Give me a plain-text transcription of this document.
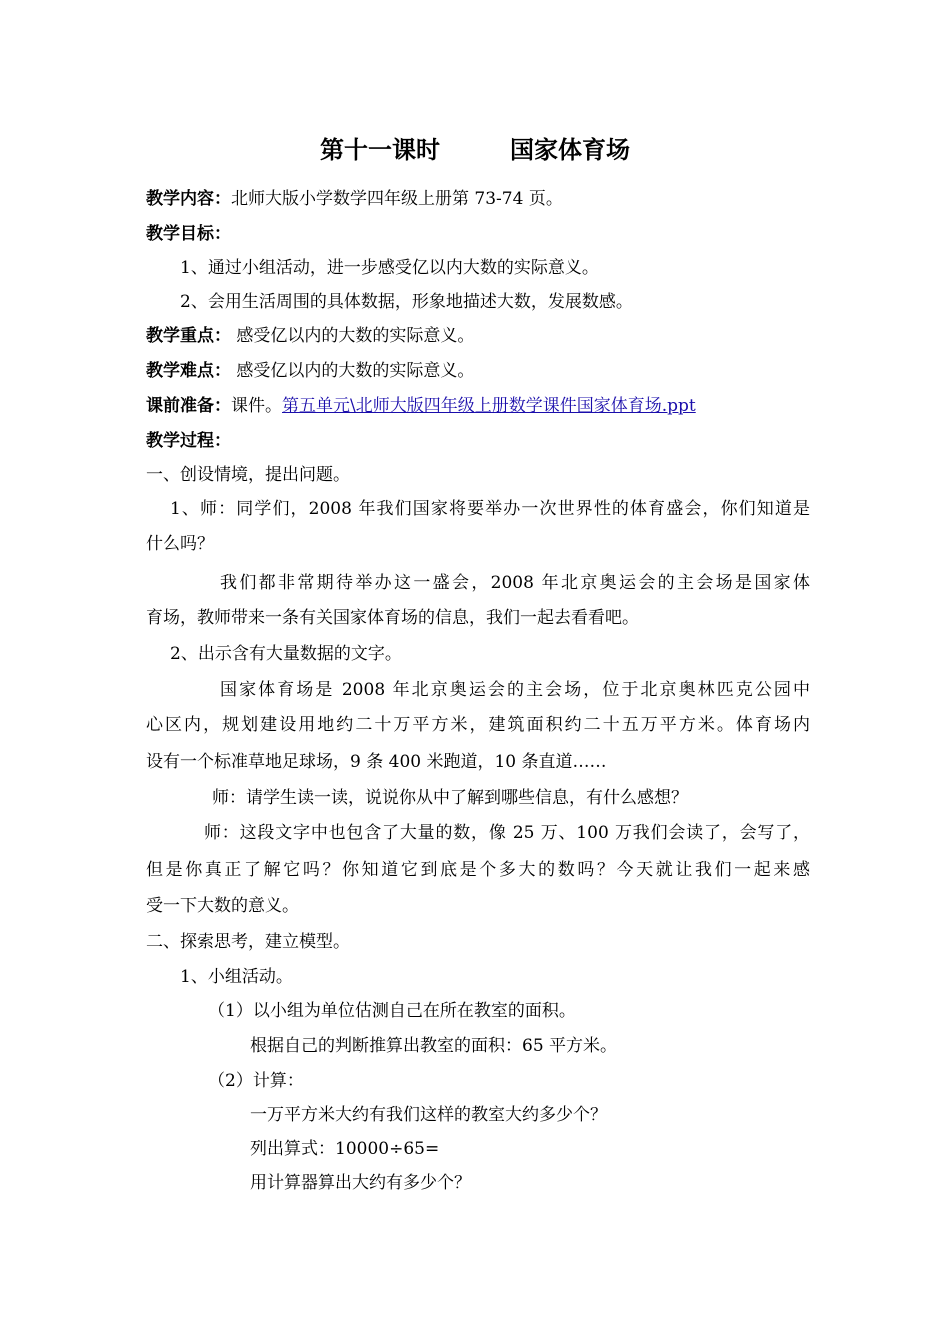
第十一课时	国家体育场
教学内容：北师大版小学数学四年级上册第 73-74 页。
教学目标：
1、通过小组活动，进一步感受亿以内大数的实际意义。
2、会用生活周围的具体数据，形象地描述大数，发展数感。
教学重点： 感受亿以内的大数的实际意义。
教学难点： 感受亿以内的大数的实际意义。
课前准备：课件。第五单元\北师大版四年级上册数学课件国家体育场.ppt
教学过程：
一、创设情境，提出问题。
1、师：同学们，2008 年我们国家将要举办一次世界性的体育盛会，你们知道是
什么吗？
我们都非常期待举办这一盛会，2008 年北京奥运会的主会场是国家体
育场，教师带来一条有关国家体育场的信息，我们一起去看看吧。
2、出示含有大量数据的文字。
国家体育场是 2008 年北京奥运会的主会场，位于北京奥林匹克公园中
心区内，规划建设用地约二十万平方米，建筑面积约二十五万平方米。体育场内
设有一个标准草地足球场，9 条 400 米跑道，10 条直道……
师：请学生读一读，说说你从中了解到哪些信息，有什么感想？
师：这段文字中也包含了大量的数，像 25 万、100 万我们会读了，会写了，
但是你真正了解它吗？你知道它到底是个多大的数吗？今天就让我们一起来感
受一下大数的意义。
二、探索思考，建立模型。
1、小组活动。
（1）以小组为单位估测自己在所在教室的面积。
根据自己的判断推算出教室的面积：65 平方米。
（2）计算：
一万平方米大约有我们这样的教室大约多少个？
列出算式：10000÷65=
用计算器算出大约有多少个？
